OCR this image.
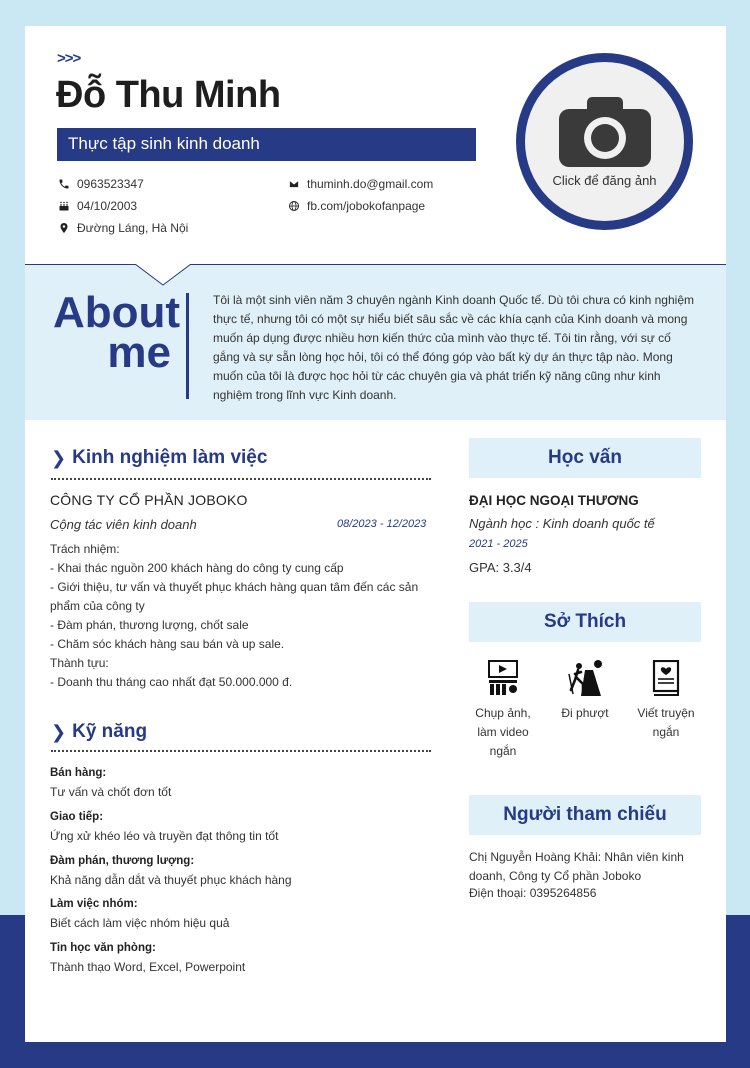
>>>
Đỗ Thu Minh
Thực tập sinh kinh doanh
0963523347
04/10/2003
Đường Láng, Hà Nội
thuminh.do@gmail.com
fb.com/jobokofanpage
Click để đăng ảnh
About
me
Tôi là một sinh viên năm 3 chuyên ngành Kinh doanh Quốc tế. Dù tôi chưa có kinh nghiệm thực tế, nhưng tôi có một sự hiểu biết sâu sắc về các khía cạnh của Kinh doanh và mong muốn áp dụng được nhiều hơn kiến thức của mình vào thực tế. Tôi tin rằng, với sự cố gắng và sự sẵn lòng học hỏi, tôi có thể đóng góp vào bất kỳ dự án thực tập nào. Mong muốn của tôi là được học hỏi từ các chuyên gia và phát triển kỹ năng cũng như kinh nghiệm trong lĩnh vực Kinh doanh.
❯ Kinh nghiệm làm việc
CÔNG TY CỔ PHẦN JOBOKO
Cộng tác viên kinh doanh	08/2023 - 12/2023
Trách nhiệm:
- Khai thác nguồn 200 khách hàng do công ty cung cấp
- Giới thiệu, tư vấn và thuyết phục khách hàng quan tâm đến các sản phẩm của công ty
- Đàm phán, thương lượng, chốt sale
- Chăm sóc khách hàng sau bán và up sale.
Thành tựu:
- Doanh thu tháng cao nhất đạt 50.000.000 đ.
❯ Kỹ năng
Bán hàng:
Tư vấn và chốt đơn tốt
Giao tiếp:
Ứng xử khéo léo và truyền đạt thông tin tốt
Đàm phán, thương lượng:
Khả năng dẫn dắt và thuyết phục khách hàng
Làm việc nhóm:
Biết cách làm việc nhóm hiệu quả
Tin học văn phòng:
Thành thạo Word, Excel, Powerpoint
Học vấn
ĐẠI HỌC NGOẠI THƯƠNG
Ngành học : Kinh doanh quốc tế
2021 - 2025
GPA: 3.3/4
Sở Thích
Chụp ảnh, làm video ngắn
Đi phượt	Viết truyện ngắn
Người tham chiếu
Chị Nguyễn Hoàng Khải: Nhân viên kinh doanh, Công ty Cổ phần Joboko
Điện thoại: 0395264856
